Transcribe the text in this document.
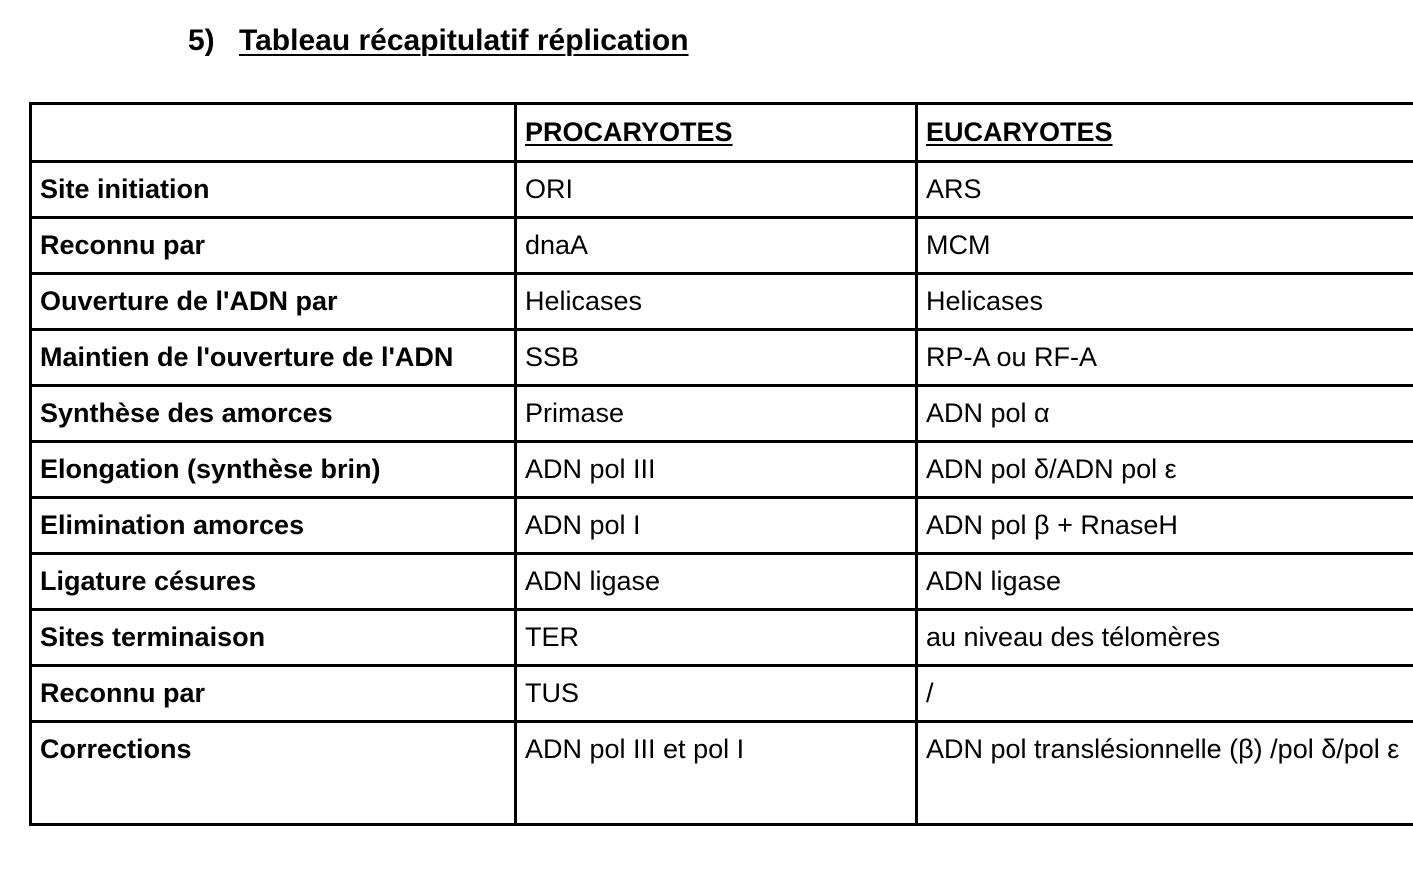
5) Tableau récapitulatif réplication
	PROCARYOTES	EUCARYOTES
Site initiation	ORI	ARS
Reconnu par	dnaA	MCM
Ouverture de l'ADN par	Helicases	Helicases
Maintien de l'ouverture de l'ADN	SSB	RP-A ou RF-A
Synthèse des amorces	Primase	ADN pol α
Elongation (synthèse brin)	ADN pol III	ADN pol δ/ADN pol ε
Elimination amorces	ADN pol I	ADN pol β + RnaseH
Ligature césures	ADN ligase	ADN ligase
Sites terminaison	TER	au niveau des télomères
Reconnu par	TUS	/
Corrections	ADN pol III et pol I	ADN pol translésionnelle (β) /pol δ/pol ε
